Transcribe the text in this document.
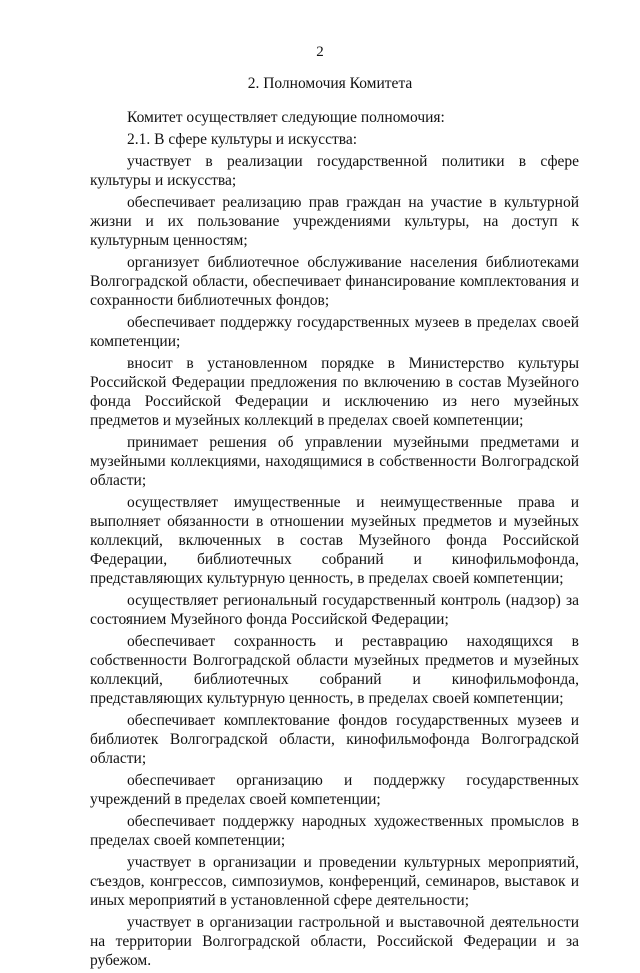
2
2. Полномочия Комитета

Комитет осуществляет следующие полномочия:

2.1. В сфере культуры и искусства:

участвует в реализации государственной политики в сфере культуры и искусства;

обеспечивает реализацию прав граждан на участие в культурной жизни и их пользование учреждениями культуры, на доступ к культурным ценностям;

организует библиотечное обслуживание населения библиотеками Волгоградской области, обеспечивает финансирование комплектования и сохранности библиотечных фондов;

обеспечивает поддержку государственных музеев в пределах своей компетенции;

вносит в установленном порядке в Министерство культуры Российской Федерации предложения по включению в состав Музейного фонда Российской Федерации и исключению из него музейных предметов и музейных коллекций в пределах своей компетенции;

принимает решения об управлении музейными предметами и музейными коллекциями, находящимися в собственности Волгоградской области;

осуществляет имущественные и неимущественные права и выполняет обязанности в отношении музейных предметов и музейных коллекций, включенных в состав Музейного фонда Российской Федерации, библиотечных собраний и кинофильмофонда, представляющих культурную ценность, в пределах своей компетенции;

осуществляет региональный государственный контроль (надзор) за состоянием Музейного фонда Российской Федерации;

обеспечивает сохранность и реставрацию находящихся в собственности Волгоградской области музейных предметов и музейных коллекций, библиотечных собраний и кинофильмофонда, представляющих культурную ценность, в пределах своей компетенции;

обеспечивает комплектование фондов государственных музеев и библиотек Волгоградской области, кинофильмофонда Волгоградской области;

обеспечивает организацию и поддержку государственных учреждений в пределах своей компетенции;

обеспечивает поддержку народных художественных промыслов в пределах своей компетенции;

участвует в организации и проведении культурных мероприятий, съездов, конгрессов, симпозиумов, конференций, семинаров, выставок и иных мероприятий в установленной сфере деятельности;

участвует в организации гастрольной и выставочной деятельности на территории Волгоградской области, Российской Федерации и за рубежом.
